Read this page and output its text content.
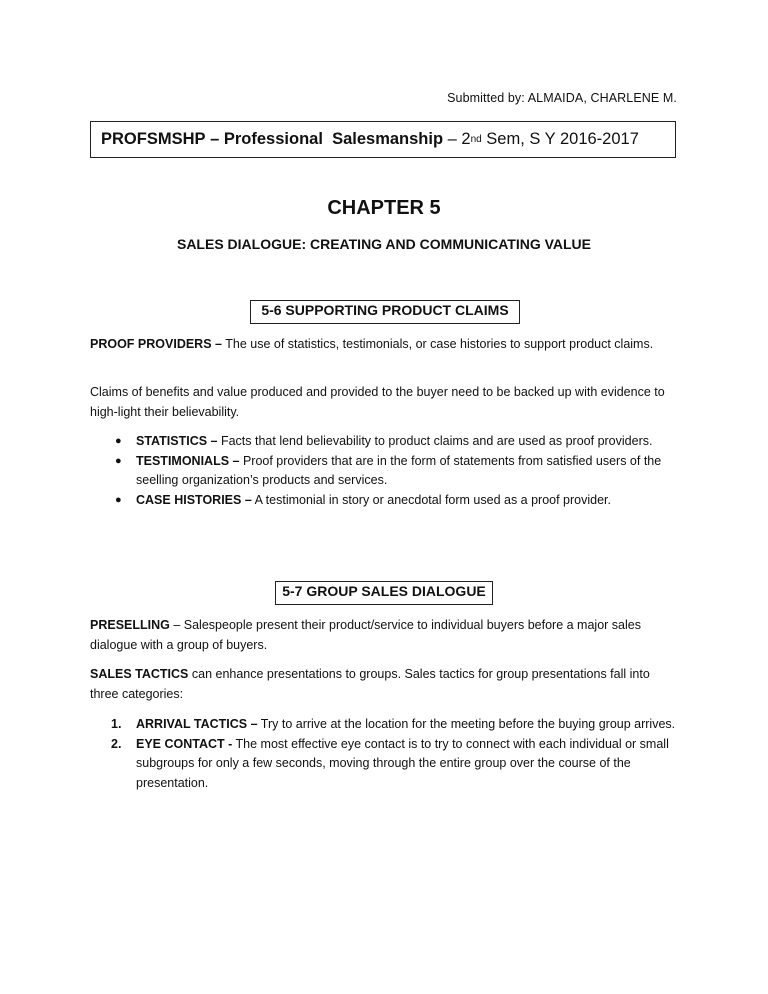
Submitted by: ALMAIDA, CHARLENE M.
PROFSMSHP – Professional  Salesmanship – 2 nd Sem, S Y 2016-2017
CHAPTER 5
SALES DIALOGUE: CREATING AND COMMUNICATING VALUE
5-6 SUPPORTING PRODUCT CLAIMS
PROOF PROVIDERS – The use of statistics, testimonials, or case histories to support product claims.
Claims of benefits and value produced and provided to the buyer need to be backed up with evidence to high-light their believability.
● STATISTICS – Facts that lend believability to product claims and are used as proof providers.
● TESTIMONIALS – Proof providers that are in the form of statements from satisfied users of the seelling organization’s products and services.
● CASE HISTORIES – A testimonial in story or anecdotal form used as a proof provider.
5-7 GROUP SALES DIALOGUE
PRESELLING – Salespeople present their product/service to individual buyers before a major sales dialogue with a group of buyers.
SALES TACTICS can enhance presentations to groups. Sales tactics for group presentations fall into three categories:
1. ARRIVAL TACTICS – Try to arrive at the location for the meeting before the buying group arrives.
2. EYE CONTACT - The most effective eye contact is to try to connect with each individual or small subgroups for only a few seconds, moving through the entire group over the course of the presentation.
